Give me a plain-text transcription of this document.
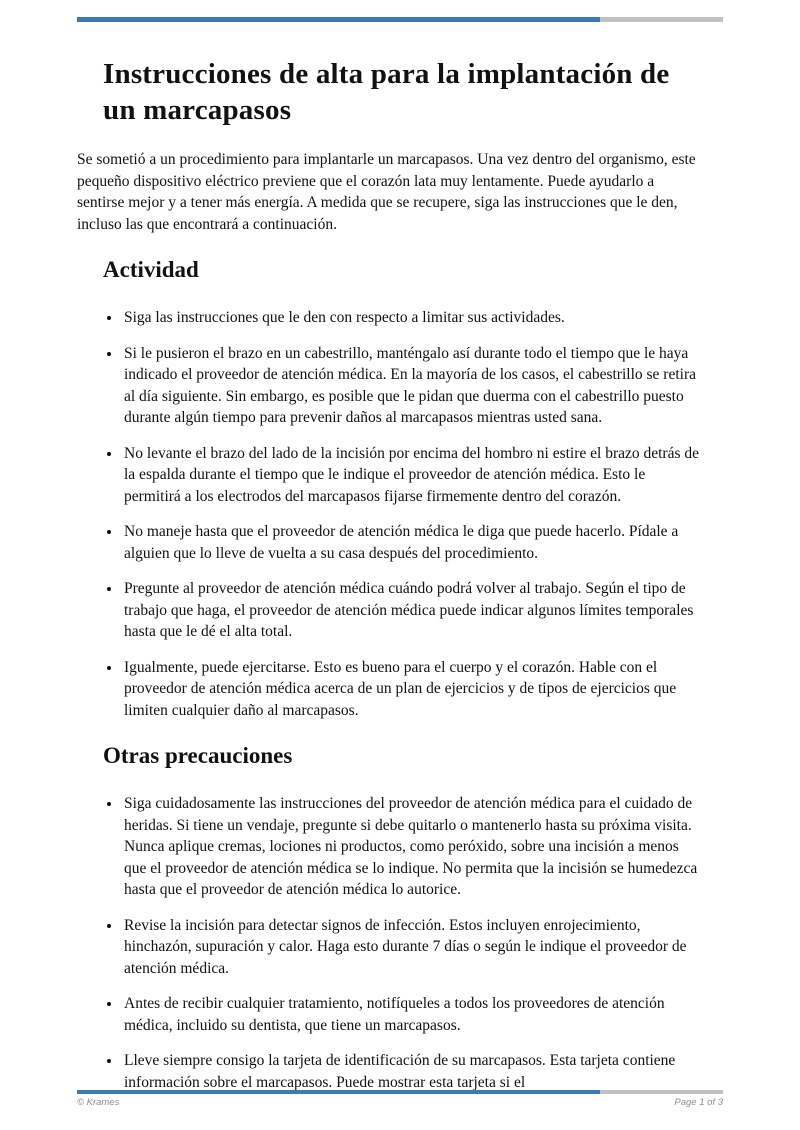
Instrucciones de alta para la implantación de un marcapasos

Se sometió a un procedimiento para implantarle un marcapasos. Una vez dentro del organismo, este pequeño dispositivo eléctrico previene que el corazón lata muy lentamente. Puede ayudarlo a sentirse mejor y a tener más energía. A medida que se recupere, siga las instrucciones que le den, incluso las que encontrará a continuación.

Actividad
• Siga las instrucciones que le den con respecto a limitar sus actividades.
• Si le pusieron el brazo en un cabestrillo, manténgalo así durante todo el tiempo que le haya indicado el proveedor de atención médica. En la mayoría de los casos, el cabestrillo se retira al día siguiente. Sin embargo, es posible que le pidan que duerma con el cabestrillo puesto durante algún tiempo para prevenir daños al marcapasos mientras usted sana.
• No levante el brazo del lado de la incisión por encima del hombro ni estire el brazo detrás de la espalda durante el tiempo que le indique el proveedor de atención médica. Esto le permitirá a los electrodos del marcapasos fijarse firmemente dentro del corazón.
• No maneje hasta que el proveedor de atención médica le diga que puede hacerlo. Pídale a alguien que lo lleve de vuelta a su casa después del procedimiento.
• Pregunte al proveedor de atención médica cuándo podrá volver al trabajo. Según el tipo de trabajo que haga, el proveedor de atención médica puede indicar algunos límites temporales hasta que le dé el alta total.
• Igualmente, puede ejercitarse. Esto es bueno para el cuerpo y el corazón. Hable con el proveedor de atención médica acerca de un plan de ejercicios y de tipos de ejercicios que limiten cualquier daño al marcapasos.
Otras precauciones
• Siga cuidadosamente las instrucciones del proveedor de atención médica para el cuidado de heridas. Si tiene un vendaje, pregunte si debe quitarlo o mantenerlo hasta su próxima visita. Nunca aplique cremas, lociones ni productos, como peróxido, sobre una incisión a menos que el proveedor de atención médica se lo indique. No permita que la incisión se humedezca hasta que el proveedor de atención médica lo autorice.
• Revise la incisión para detectar signos de infección. Estos incluyen enrojecimiento, hinchazón, supuración y calor. Haga esto durante 7 días o según le indique el proveedor de atención médica.
• Antes de recibir cualquier tratamiento, notifíqueles a todos los proveedores de atención médica, incluido su dentista, que tiene un marcapasos.
• Lleve siempre consigo la tarjeta de identificación de su marcapasos. Esta tarjeta contiene información sobre el marcapasos. Puede mostrar esta tarjeta si el
© Krames	Page 1 of 3
